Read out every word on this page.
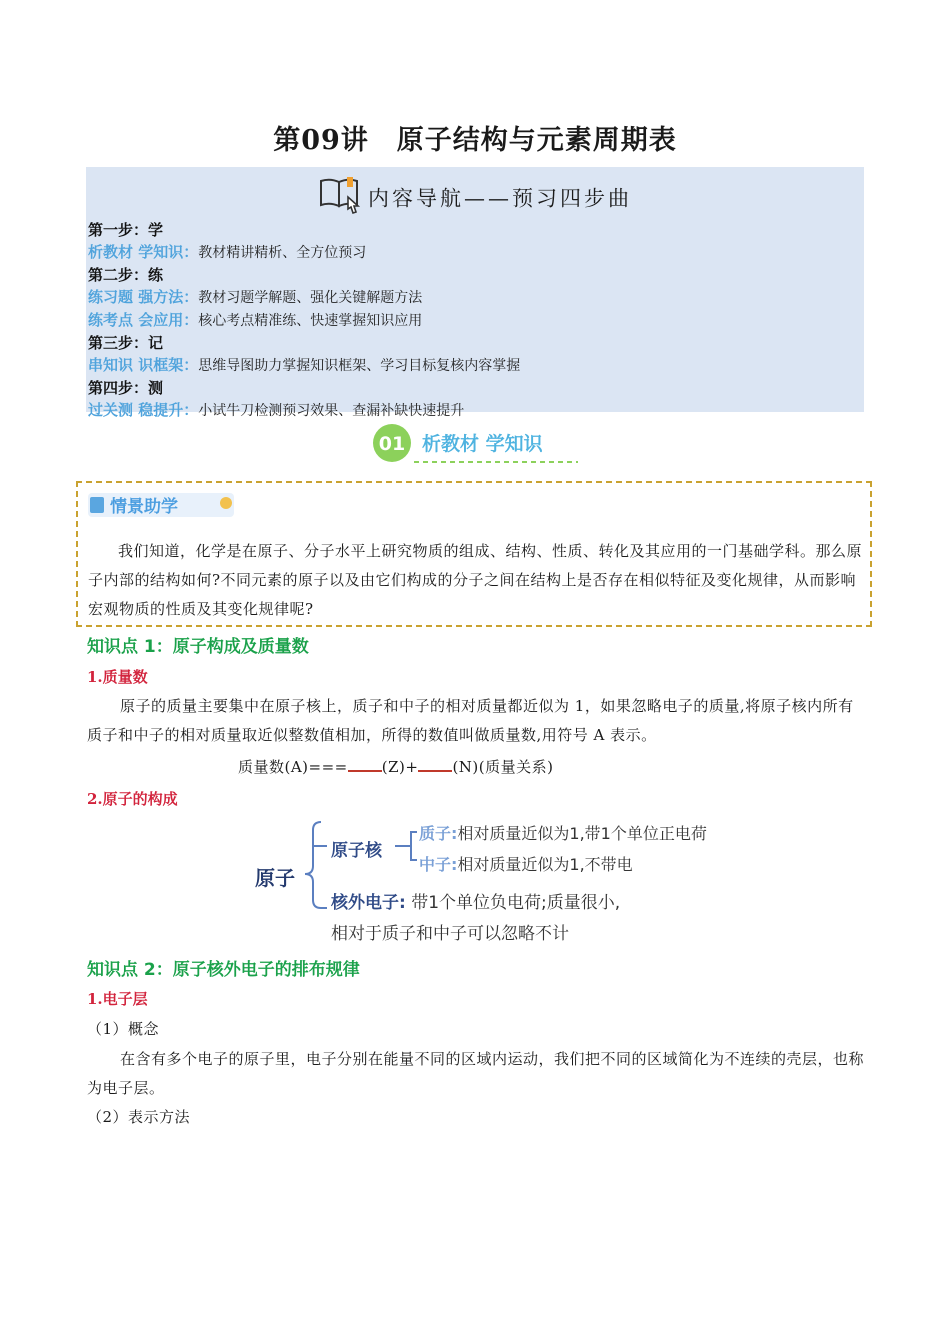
第09讲 原子结构与元素周期表
内容导航——预习四步曲
第一步：学
析教材 学知识：教材精讲精析、全方位预习
第二步：练
练习题 强方法：教材习题学解题、强化关键解题方法
练考点 会应用：核心考点精准练、快速掌握知识应用
第三步：记
串知识 识框架：思维导图助力掌握知识框架、学习目标复核内容掌握
第四步：测
过关测 稳提升：小试牛刀检测预习效果、查漏补缺快速提升
01 析教材 学知识
情景助学
我们知道，化学是在原子、分子水平上研究物质的组成、结构、性质、转化及其应用的一门基础学科。那么原子内部的结构如何?不同元素的原子以及由它们构成的分子之间在结构上是否存在相似特征及变化规律，从而影响宏观物质的性质及其变化规律呢?
知识点 1：原子构成及质量数
1.质量数
原子的质量主要集中在原子核上，质子和中子的相对质量都近似为 1，如果忽略电子的质量,将原子核内所有质子和中子的相对质量取近似整数值相加，所得的数值叫做质量数,用符号 A 表示。
质量数(A)=== (Z)+ (N)(质量关系)
2.原子的构成
原子
原子核
质子:相对质量近似为1,带1个单位正电荷
中子:相对质量近似为1,不带电
核外电子: 带1个单位负电荷;质量很小,
相对于质子和中子可以忽略不计
知识点 2：原子核外电子的排布规律
1.电子层
（1）概念
在含有多个电子的原子里，电子分别在能量不同的区域内运动，我们把不同的区域简化为不连续的壳层，也称为电子层。
（2）表示方法
